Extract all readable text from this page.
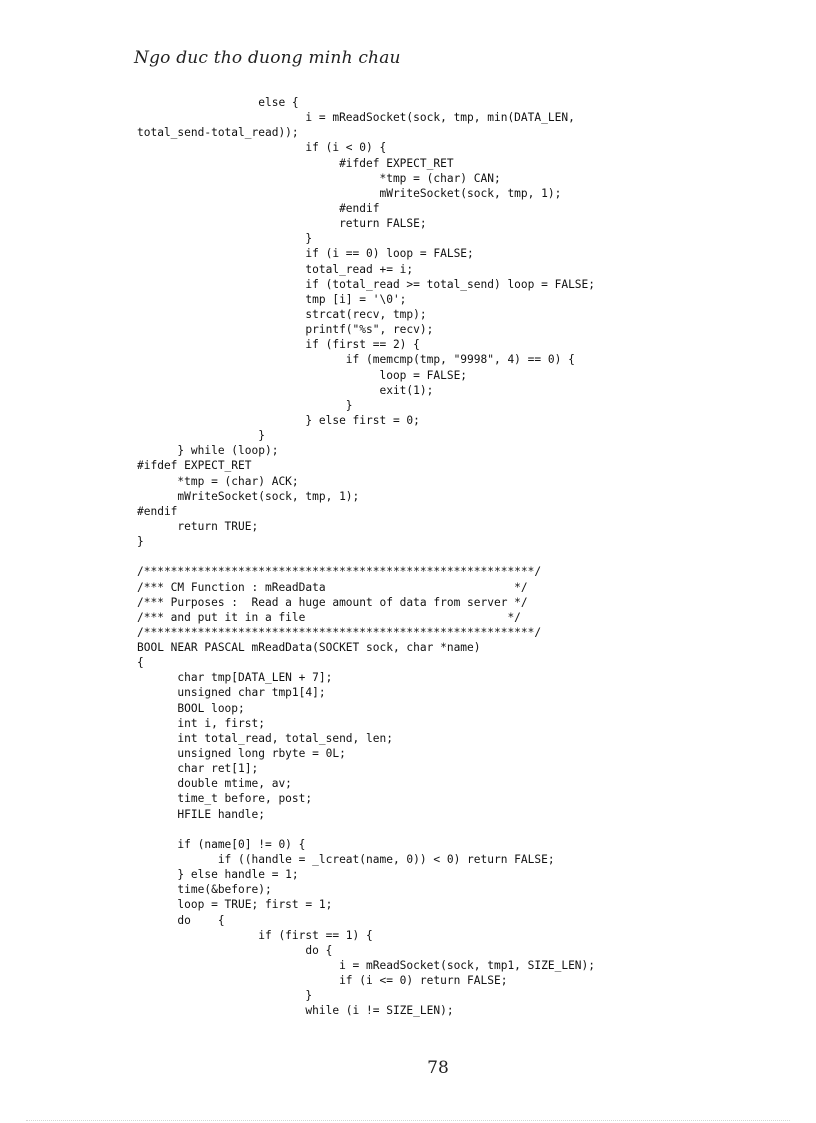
Ngo duc tho duong minh chau
else {
i = mReadSocket(sock, tmp, min(DATA_LEN,
total_send-total_read));
if (i < 0) {
#ifdef EXPECT_RET
*tmp = (char) CAN;
mWriteSocket(sock, tmp, 1);
#endif
return FALSE;
}
if (i == 0) loop = FALSE;
total_read += i;
if (total_read >= total_send) loop = FALSE;
tmp [i] = '\0';
strcat(recv, tmp);
printf("%s", recv);
if (first == 2) {
if (memcmp(tmp, "9998", 4) == 0) {
loop = FALSE;
exit(1);
}
} else first = 0;
}
} while (loop);
#ifdef EXPECT_RET
*tmp = (char) ACK;
mWriteSocket(sock, tmp, 1);
#endif
return TRUE;
}
/**********************************************************/
/*** CM Function : mReadData                            */
/*** Purposes :  Read a huge amount of data from server */
/*** and put it in a file                              */
/**********************************************************/
BOOL NEAR PASCAL mReadData(SOCKET sock, char *name)
{
char tmp[DATA_LEN + 7];
unsigned char tmp1[4];
BOOL loop;
int i, first;
int total_read, total_send, len;
unsigned long rbyte = 0L;
char ret[1];
double mtime, av;
time_t before, post;
HFILE handle;
if (name[0] != 0) {
if ((handle = _lcreat(name, 0)) < 0) return FALSE;
} else handle = 1;
time(&before);
loop = TRUE; first = 1;
do    {
if (first == 1) {
do {
i = mReadSocket(sock, tmp1, SIZE_LEN);
if (i <= 0) return FALSE;
}
while (i != SIZE_LEN);
78
